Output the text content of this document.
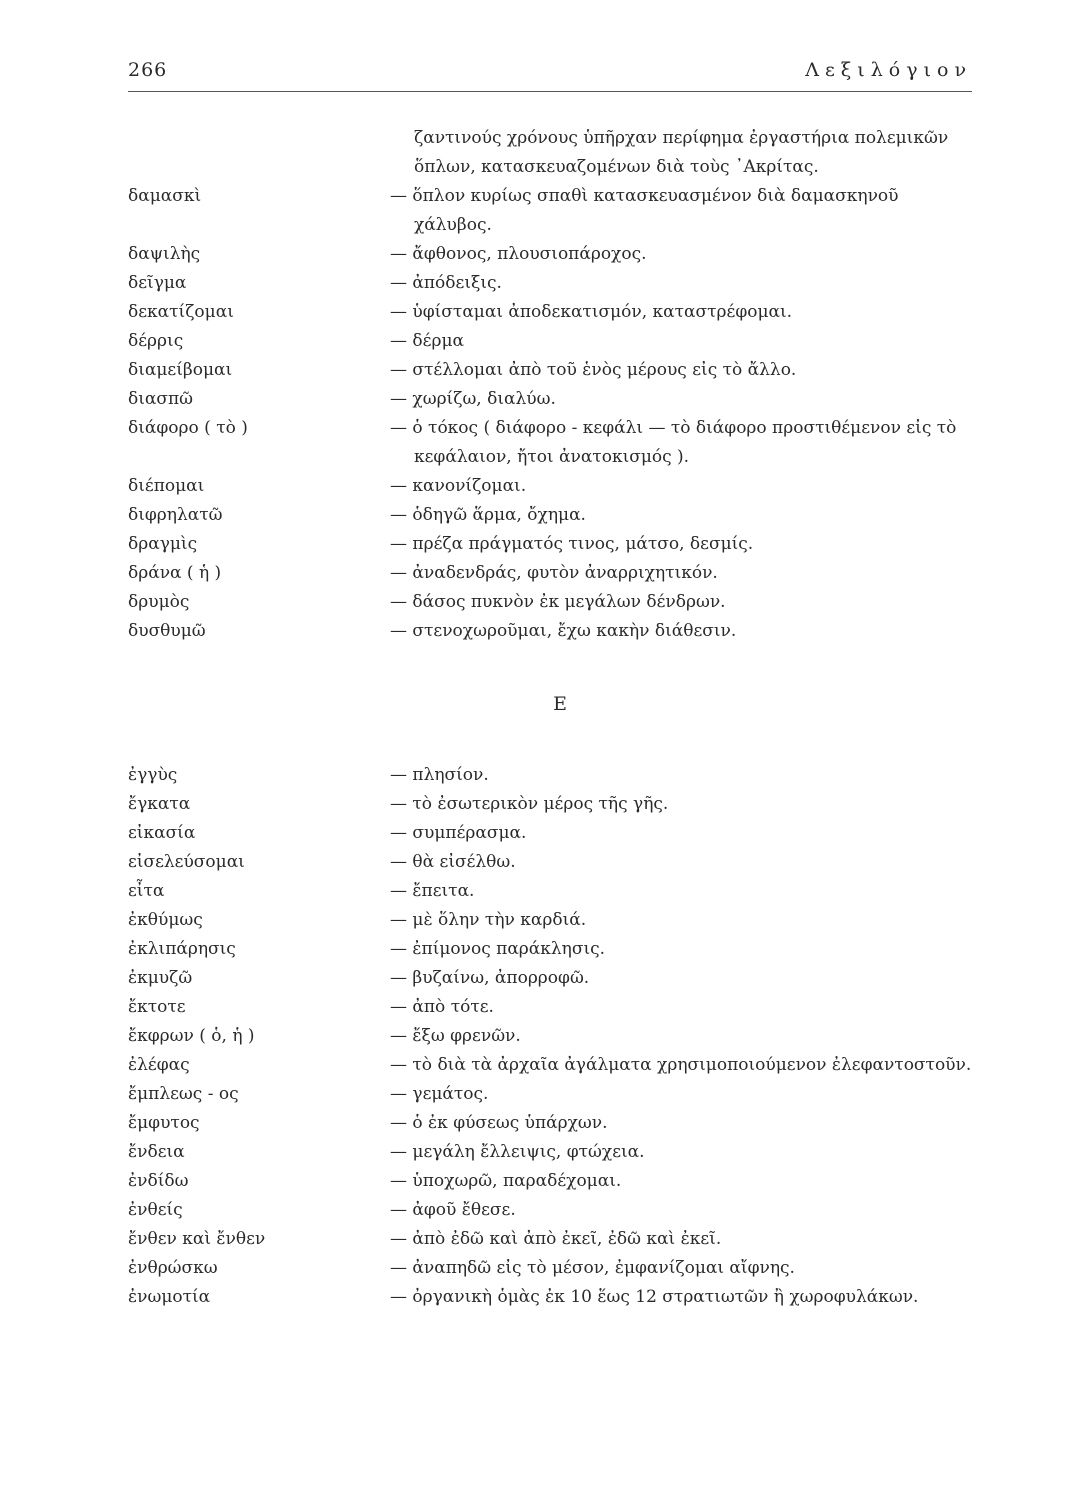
266	Λεξιλόγιον
ζαντινούς χρόνους ὑπῆρχαν περίφημα ἐργαστήρια πολεμικῶν ὅπλων, κατασκευαζομένων διὰ τοὺς ᾿Ακρίτας.
δαμασκὶ	— ὅπλον κυρίως σπαθὶ κατασκευασμένον διὰ δαμασκηνοῦ χάλυβος.
δαψιλὴς	— ἄφθονος, πλουσιοπάροχος.
δεῖγμα	— ἀπόδειξις.
δεκατίζομαι	— ὑφίσταμαι ἀποδεκατισμόν, καταστρέφομαι.
δέρρις	— δέρμα
διαμείβομαι	— στέλλομαι ἀπὸ τοῦ ἑνὸς μέρους εἰς τὸ ἄλλο.
διασπῶ	— χωρίζω, διαλύω.
διάφορο ( τὸ )	— ὁ τόκος ( διάφορο - κεφάλι — τὸ διάφορο προστιθέμενον εἰς τὸ κεφάλαιον, ἤτοι ἀνατοκισμός ).
διέπομαι	— κανονίζομαι.
διφρηλατῶ	— ὁδηγῶ ἅρμα, ὄχημα.
δραγμὶς	— πρέζα πράγματός τινος, μάτσο, δεσμίς.
δράνα ( ἡ )	— ἀναδενδράς, φυτὸν ἀναρριχητικόν.
δρυμὸς	— δάσος πυκνὸν ἐκ μεγάλων δένδρων.
δυσθυμῶ	— στενοχωροῦμαι, ἔχω κακὴν διάθεσιν.
Ε
ἐγγὺς	— πλησίον.
ἔγκατα	— τὸ ἐσωτερικὸν μέρος τῆς γῆς.
εἰκασία	— συμπέρασμα.
εἰσελεύσομαι	— θὰ εἰσέλθω.
εἶτα	— ἔπειτα.
ἐκθύμως	— μὲ ὅλην τὴν καρδιά.
ἐκλιπάρησις	— ἐπίμονος παράκλησις.
ἐκμυζῶ	— βυζαίνω, ἀπορροφῶ.
ἔκτοτε	— ἀπὸ τότε.
ἔκφρων ( ὁ, ἡ )	— ἔξω φρενῶν.
ἐλέφας	— τὸ διὰ τὰ ἀρχαῖα ἀγάλματα χρησιμοποιούμενον ἐλεφαντοστοῦν.
ἔμπλεως - ος	— γεμάτος.
ἔμφυτος	— ὁ ἐκ φύσεως ὑπάρχων.
ἔνδεια	— μεγάλη ἔλλειψις, φτώχεια.
ἐνδίδω	— ὑποχωρῶ, παραδέχομαι.
ἐνθείς	— ἀφοῦ ἔθεσε.
ἔνθεν καὶ ἔνθεν	— ἀπὸ ἐδῶ καὶ ἀπὸ ἐκεῖ, ἐδῶ καὶ ἐκεῖ.
ἐνθρώσκω	— ἀναπηδῶ εἰς τὸ μέσον, ἐμφανίζομαι αἴφνης.
ἐνωμοτία	— ὀργανικὴ ὁμὰς ἐκ 10 ἕως 12 στρατιωτῶν ἢ χωροφυλάκων.
